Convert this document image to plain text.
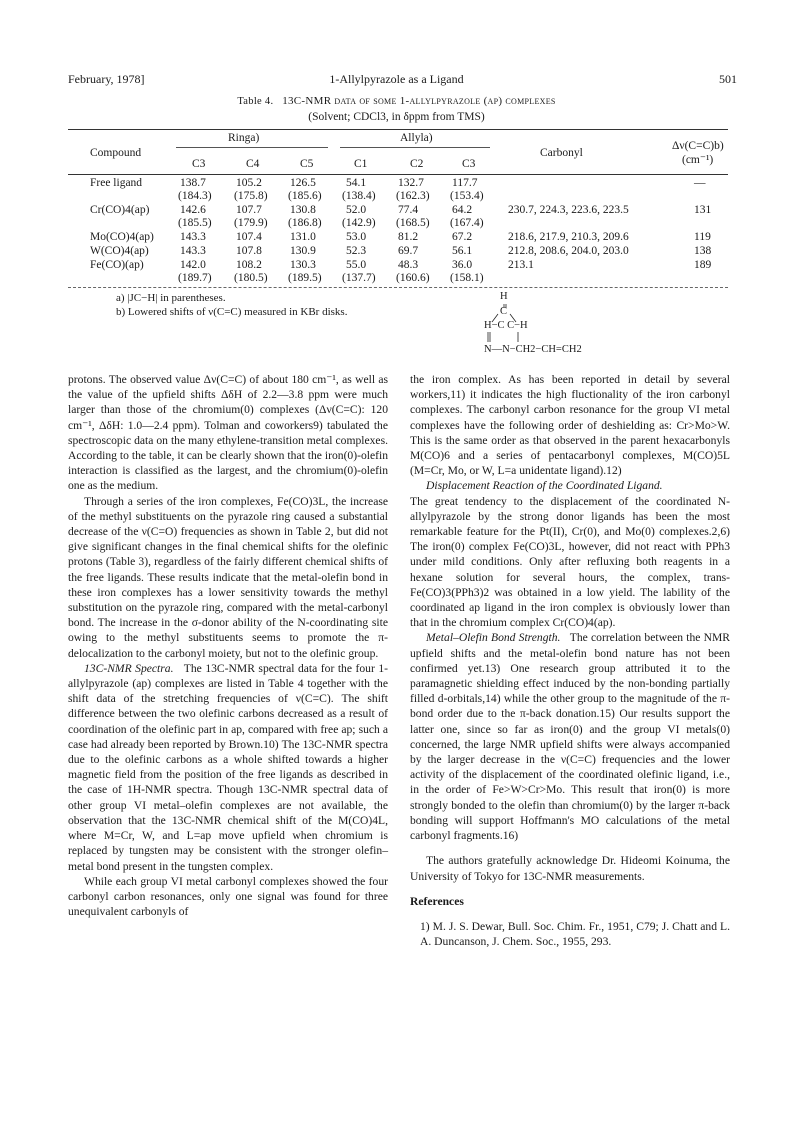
February, 1978]	1-Allylpyrazole as a Ligand	501
Table 4. 13C-NMR data of some 1-allylpyrazole (ap) complexes
(Solvent; CDCl3, in δppm from TMS)
Compound
Ringa)	Allyla)
Carbonyl
Δν(C=C)b)
(cm⁻¹)
C3	C4	C5	C1	C2	C3
Free ligand	138.7	105.2 126.5	54.1	132.7 117.7	—
(184.3) (175.8) (185.6) (138.4) (162.3) (153.4)
Cr(CO)4(ap)	142.6	107.7 130.8	52.0	77.4	64.2	230.7, 224.3, 223.6, 223.5	131
(185.5) (179.9) (186.8) (142.9) (168.5) (167.4)
Mo(CO)4(ap) 143.3	107.4 131.0	53.0	81.2	67.2	218.6, 217.9, 210.3, 209.6	119
W(CO)4(ap)	143.3	107.8 130.9	52.3	69.7	56.1	212.8, 208.6, 204.0, 203.0	138
Fe(CO)(ap)	142.0	108.2 130.3	55.0	48.3	36.0	213.1	189
(189.7) (180.5) (189.5) (137.7) (160.6) (158.1)
a) |JC−H| in parentheses.
b) Lowered shifts of ν(C=C) measured in KBr disks.
H
C
H−C C−H
N—N−CH2−CH=CH2

protons. The observed value Δν(C=C) of about 180 cm⁻¹, as well as the value of the upfield shifts ΔδH of 2.2—3.8 ppm were much larger than those of the chromium(0) complexes (Δν(C=C): 120 cm⁻¹, ΔδH: 1.0—2.4 ppm). Tolman and coworkers9) tabulated the spectroscopic data on the many ethylene-transition metal complexes. According to the table, it can be clearly shown that the iron(0)-olefin interaction is classified as the largest, and the chromium(0)-olefin one as the medium.

Through a series of the iron complexes, Fe(CO)3L, the increase of the methyl substituents on the pyrazole ring caused a substantial decrease of the ν(C=O) frequencies as shown in Table 2, but did not give significant changes in the final chemical shifts for the olefinic protons (Table 3), regardless of the fairly different chemical shifts of the free ligands. These results indicate that the metal-olefin bond in these iron complexes has a lower sensitivity towards the methyl substitution on the pyrazole ring, compared with the metal-carbonyl bond. The increase in the σ-donor ability of the N-coordinating site owing to the methyl substituents seems to promote the π-delocalization to the carbonyl moiety, but not to the olefinic group.

13C-NMR Spectra. The 13C-NMR spectral data for the four 1-allylpyrazole (ap) complexes are listed in Table 4 together with the shift data of the stretching frequencies of ν(C=C). The shift difference between the two olefinic carbons decreased as a result of coordination of the olefinic part in ap, compared with free ap; such a case had already been reported by Brown.10) The 13C-NMR spectra due to the olefinic carbons as a whole shifted towards a higher magnetic field from the position of the free ligands as described in the case of 1H-NMR spectra. Though 13C-NMR spectral data of other group VI metal–olefin complexes are not available, the observation that the 13C-NMR chemical shift of the M(CO)4L, where M=Cr, W, and L=ap move upfield when chromium is replaced by tungsten may be consistent with the stronger olefin–metal bond present in the tungsten complex.

While each group VI metal carbonyl complexes showed the four carbonyl carbon resonances, only one signal was found for three unequivalent carbonyls of

the iron complex. As has been reported in detail by several workers,11) it indicates the high fluctionality of the iron carbonyl complexes. The carbonyl carbon resonance for the group VI metal complexes have the following order of deshielding as: Cr>Mo>W. This is the same order as that observed in the parent hexacarbonyls M(CO)6 and a series of pentacarbonyl complexes, M(CO)5L (M=Cr, Mo, or W, L=a unidentate ligand).12)

Displacement Reaction of the Coordinated Ligand.

The great tendency to the displacement of the coordinated N-allylpyrazole by the strong donor ligands has been the most remarkable feature for the Pt(II), Cr(0), and Mo(0) complexes.2,6) The iron(0) complex Fe(CO)3L, however, did not react with PPh3 under mild conditions. Only after refluxing both reagents in a hexane solution for several hours, the complex, trans-Fe(CO)3(PPh3)2 was obtained in a low yield. The lability of the coordinated ap ligand in the iron complex is obviously lower than that in the chromium complex Cr(CO)4(ap).

Metal–Olefin Bond Strength. The correlation between the NMR upfield shifts and the metal-olefin bond nature has not been confirmed yet.13) One research group attributed it to the paramagnetic shielding effect induced by the non-bonding partially filled d-orbitals,14) while the other group to the magnitude of the π-bond order due to the π-back donation.15) Our results support the latter one, since so far as iron(0) and the group VI metals(0) concerned, the large NMR upfield shifts were always accompanied by the larger decrease in the ν(C=C) frequencies and the lower activity of the displacement of the coordinated olefinic ligand, i.e., in the order of Fe>W>Cr>Mo. This result that iron(0) is more strongly bonded to the olefin than chromium(0) by the larger π-back bonding will support Hoffmann's MO calculations of the metal carbonyl fragments.16)

The authors gratefully acknowledge Dr. Hideomi Koinuma, the University of Tokyo for 13C-NMR measurements.

References

1) M. J. S. Dewar, Bull. Soc. Chim. Fr., 1951, C79; J. Chatt and L. A. Duncanson, J. Chem. Soc., 1955, 293.
